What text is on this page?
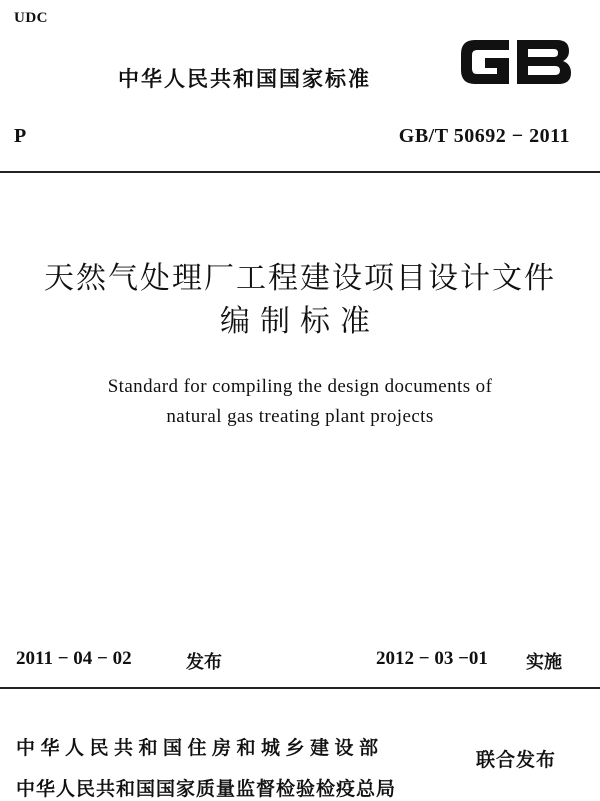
UDC
中华人民共和国国家标准
P	GB/T 50692 − 2011
天然气处理厂工程建设项目设计文件
编制标准
Standard for compiling the design documents of
natural gas treating plant projects
2011 − 04 − 02	发布	2012 − 03 −01 实施
中华人民共和国住房和城乡建设部
中华人民共和国国家质量监督检验检疫总局
联合发布
